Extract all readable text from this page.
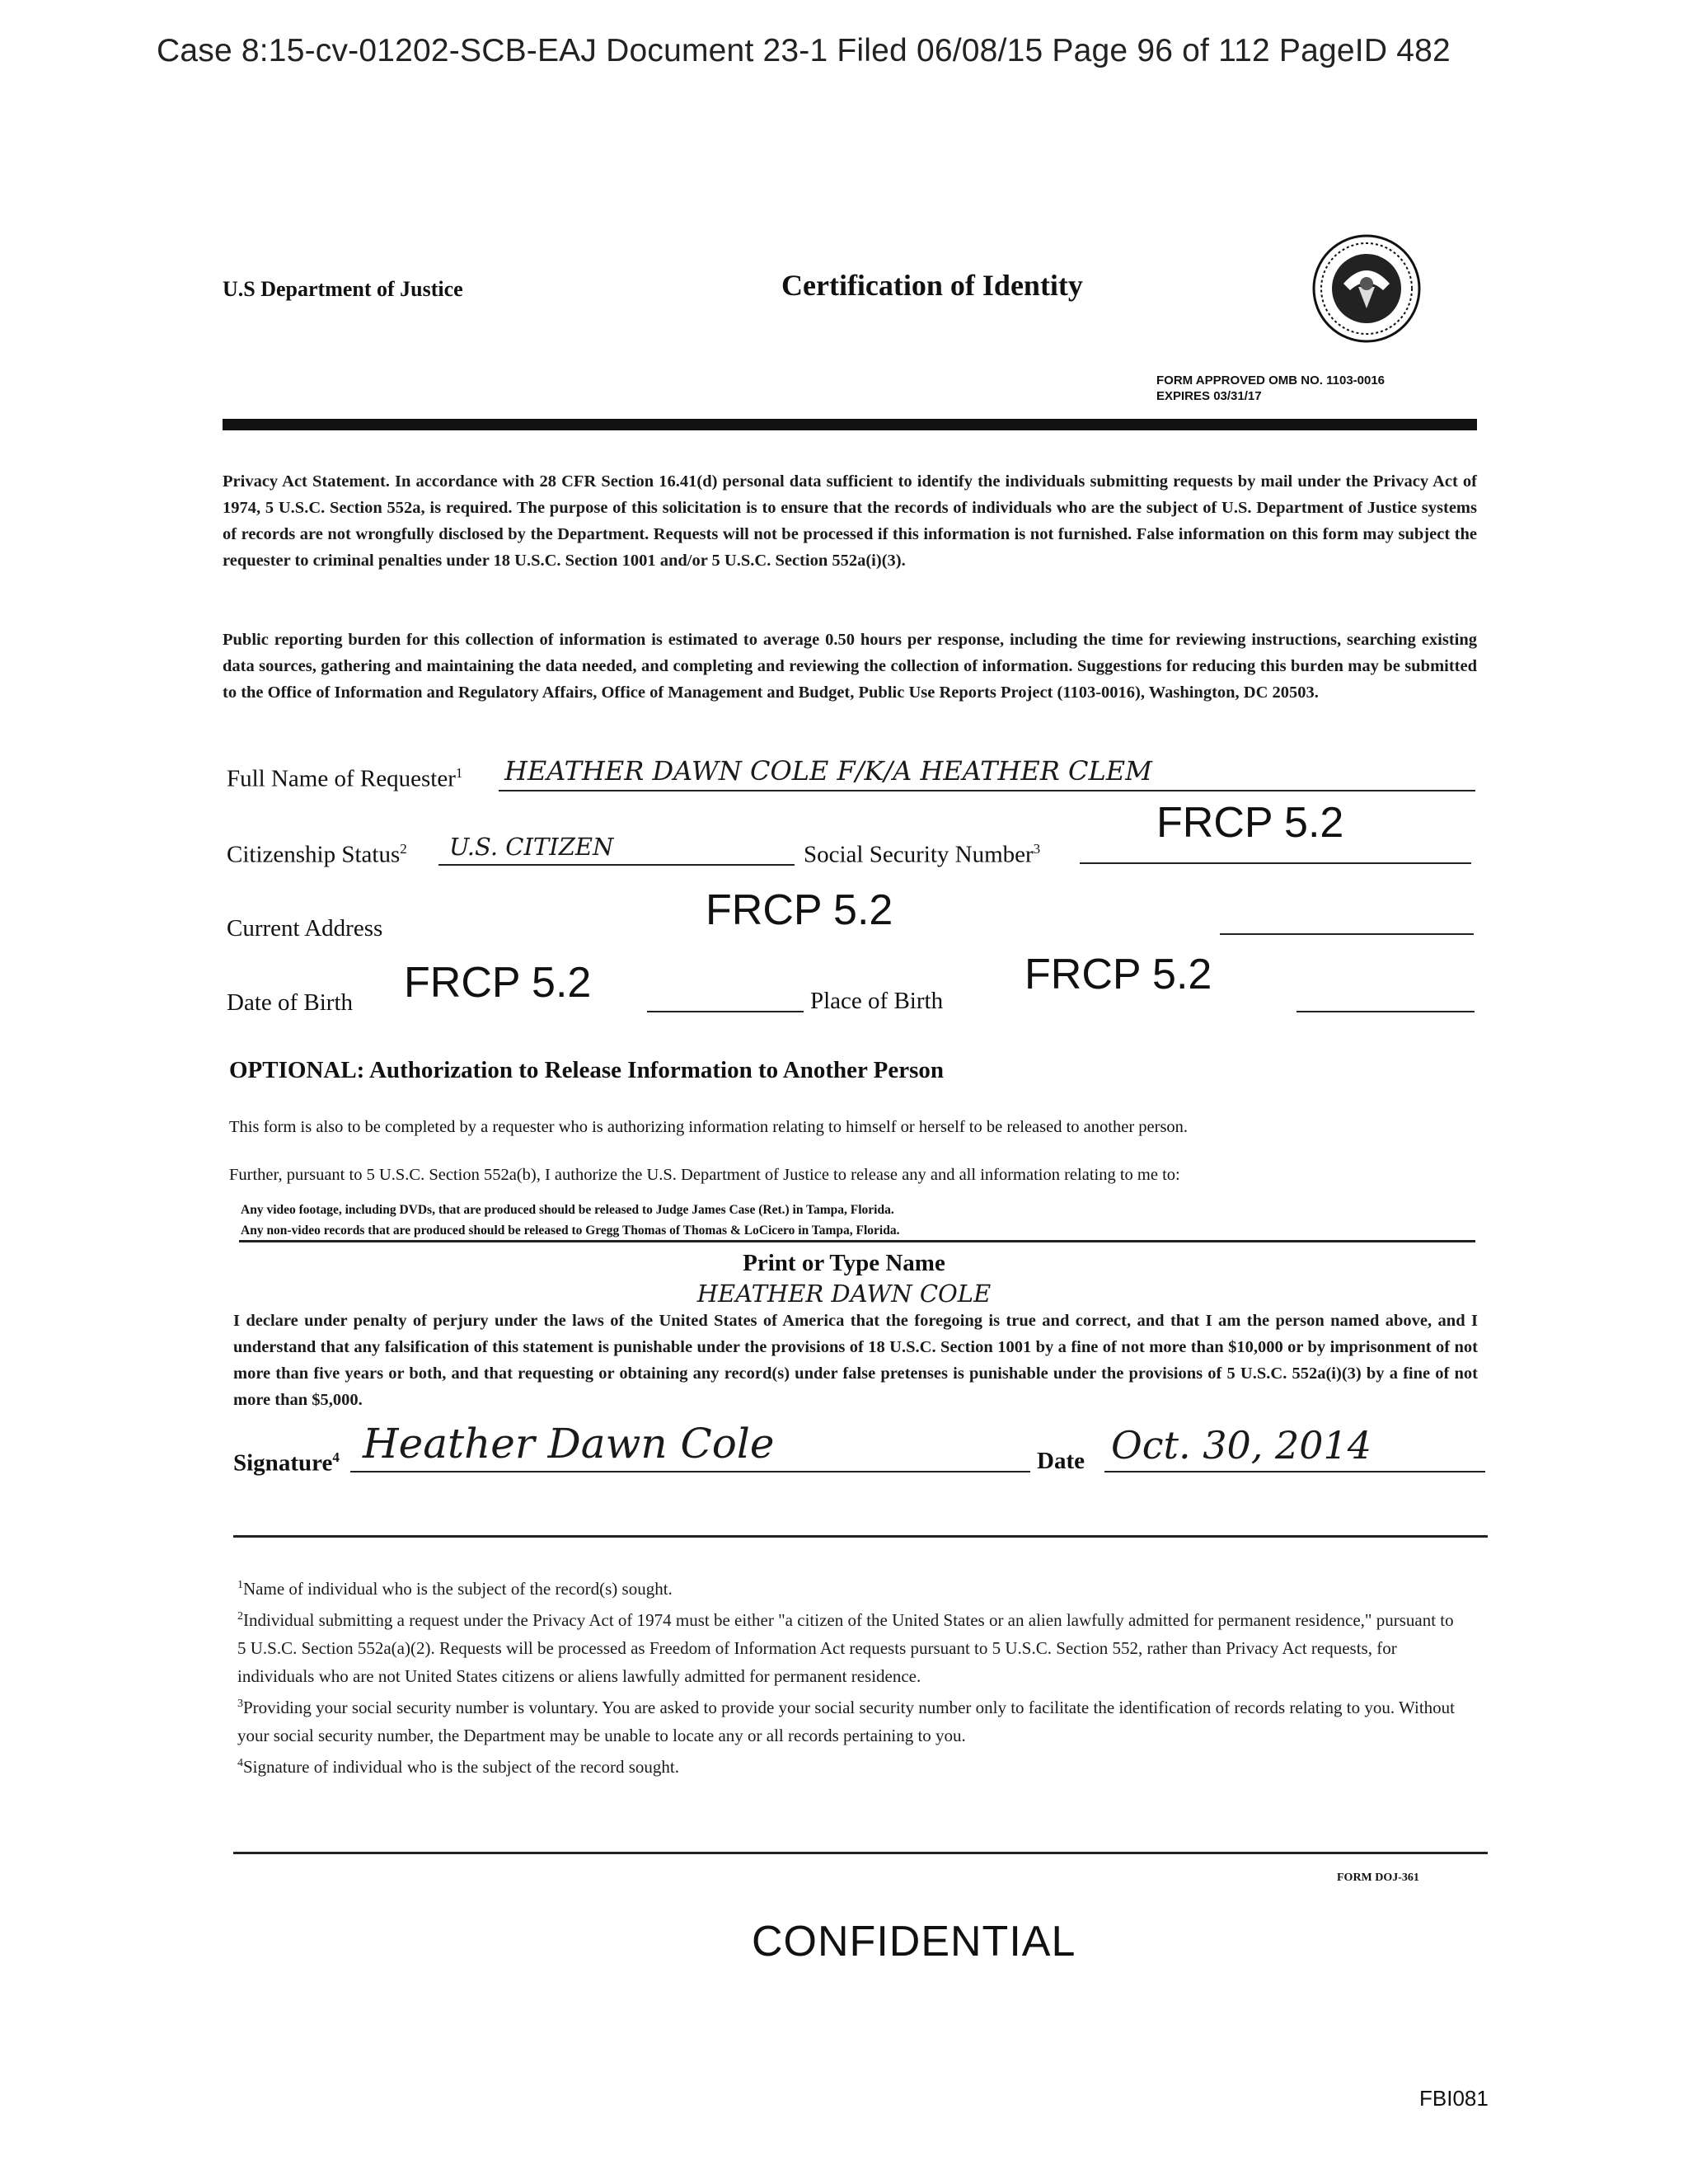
Case 8:15-cv-01202-SCB-EAJ Document 23-1 Filed 06/08/15 Page 96 of 112 PageID 482
U.S Department of Justice	Certification of Identity
FORM APPROVED OMB NO. 1103-0016
EXPIRES 03/31/17
Privacy Act Statement. In accordance with 28 CFR Section 16.41(d) personal data sufficient to identify the individuals submitting requests by mail under the Privacy Act of 1974, 5 U.S.C. Section 552a, is required. The purpose of this solicitation is to ensure that the records of individuals who are the subject of U.S. Department of Justice systems of records are not wrongfully disclosed by the Department. Requests will not be processed if this information is not furnished. False information on this form may subject the requester to criminal penalties under 18 U.S.C. Section 1001 and/or 5 U.S.C. Section 552a(i)(3).
Public reporting burden for this collection of information is estimated to average 0.50 hours per response, including the time for reviewing instructions, searching existing data sources, gathering and maintaining the data needed, and completing and reviewing the collection of information. Suggestions for reducing this burden may be submitted to the Office of Information and Regulatory Affairs, Office of Management and Budget, Public Use Reports Project (1103-0016), Washington, DC 20503.
Full Name of Requester$^1$ HEATHER DAWN COLE F/K/A HEATHER CLEM
Citizenship Status$^2$ U.S. CITIZEN	Social Security Number$^3$
FRCP 5.2
Current Address	FRCP 5.2
Date of Birth FRCP 5.2	Place of Birth
FRCP 5.2
OPTIONAL: Authorization to Release Information to Another Person
This form is also to be completed by a requester who is authorizing information relating to himself or herself to be released to another person.
Further, pursuant to 5 U.S.C. Section 552a(b), I authorize the U.S. Department of Justice to release any and all information relating to me to:
Any video footage, including DVDs, that are produced should be released to Judge James Case (Ret.) in Tampa, Florida.
Any non-video records that are produced should be released to Gregg Thomas of Thomas & LoCicero in Tampa, Florida.
Print or Type Name
HEATHER DAWN COLE
I declare under penalty of perjury under the laws of the United States of America that the foregoing is true and correct, and that I am the person named above, and I understand that any falsification of this statement is punishable under the provisions of 18 U.S.C. Section 1001 by a fine of not more than $10,000 or by imprisonment of not more than five years or both, and that requesting or obtaining any record(s) under false pretenses is punishable under the provisions of 5 U.S.C. 552a(i)(3) by a fine of not more than $5,000.
Signature$^4$ Heather Dawn Cole	Date Oct. 30, 2014

$^1$Name of individual who is the subject of the record(s) sought.

$^2$Individual submitting a request under the Privacy Act of 1974 must be either "a citizen of the United States or an alien lawfully admitted for permanent residence," pursuant to 5 U.S.C. Section 552a(a)(2). Requests will be processed as Freedom of Information Act requests pursuant to 5 U.S.C. Section 552, rather than Privacy Act requests, for individuals who are not United States citizens or aliens lawfully admitted for permanent residence.

$^3$Providing your social security number is voluntary. You are asked to provide your social security number only to facilitate the identification of records relating to you. Without your social security number, the Department may be unable to locate any or all records pertaining to you.

$^4$Signature of individual who is the subject of the record sought.

FORM DOJ-361
CONFIDENTIAL
FBI081
